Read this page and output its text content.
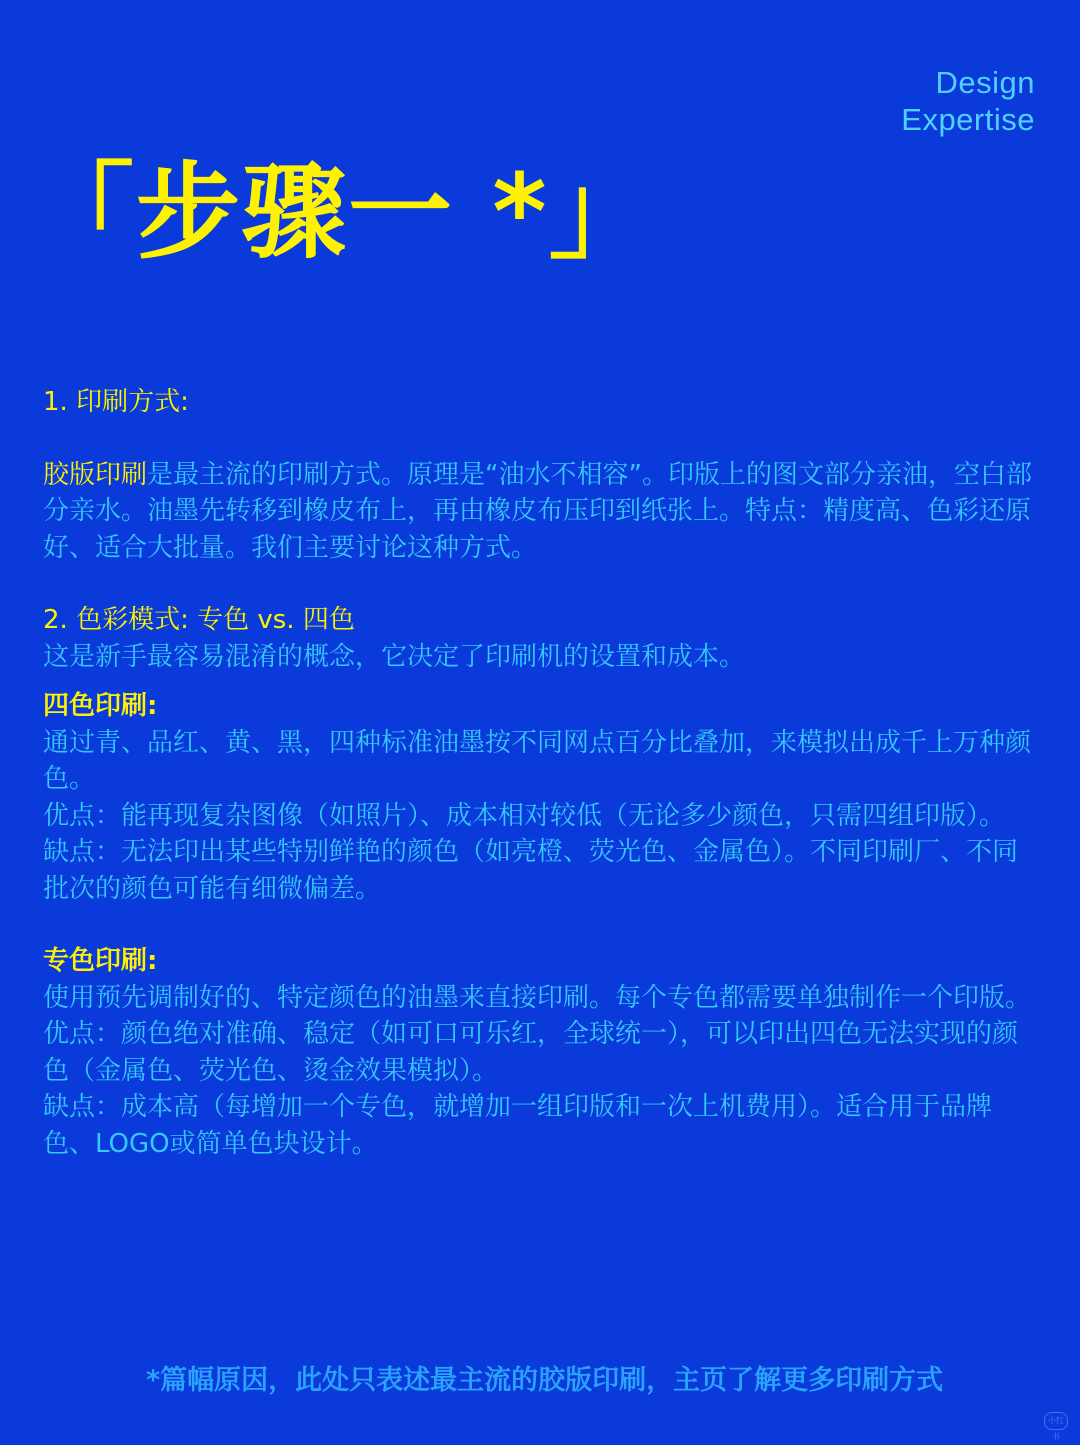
Design
Expertise
「步骤一 *」

1. 印刷方式:

胶版印刷是最主流的印刷方式。原理是“油水不相容”。印版上的图文部分亲油，空白部分亲水。油墨先转移到橡皮布上，再由橡皮布压印到纸张上。特点：精度高、色彩还原好、适合大批量。我们主要讨论这种方式。

2. 色彩模式: 专色 vs. 四色

这是新手最容易混淆的概念，它决定了印刷机的设置和成本。

四色印刷:

通过青、品红、黄、黑，四种标准油墨按不同网点百分比叠加，来模拟出成千上万种颜色。

优点：能再现复杂图像（如照片）、成本相对较低（无论多少颜色，只需四组印版）。

缺点：无法印出某些特别鲜艳的颜色（如亮橙、荧光色、金属色）。不同印刷厂、不同批次的颜色可能有细微偏差。

专色印刷:

使用预先调制好的、特定颜色的油墨来直接印刷。每个专色都需要单独制作一个印版。

优点：颜色绝对准确、稳定（如可口可乐红，全球统一），可以印出四色无法实现的颜色（金属色、荧光色、烫金效果模拟）。

缺点：成本高（每增加一个专色，就增加一组印版和一次上机费用）。适合用于品牌色、LOGO或简单色块设计。

*篇幅原因，此处只表述最主流的胶版印刷，主页了解更多印刷方式
小红书
